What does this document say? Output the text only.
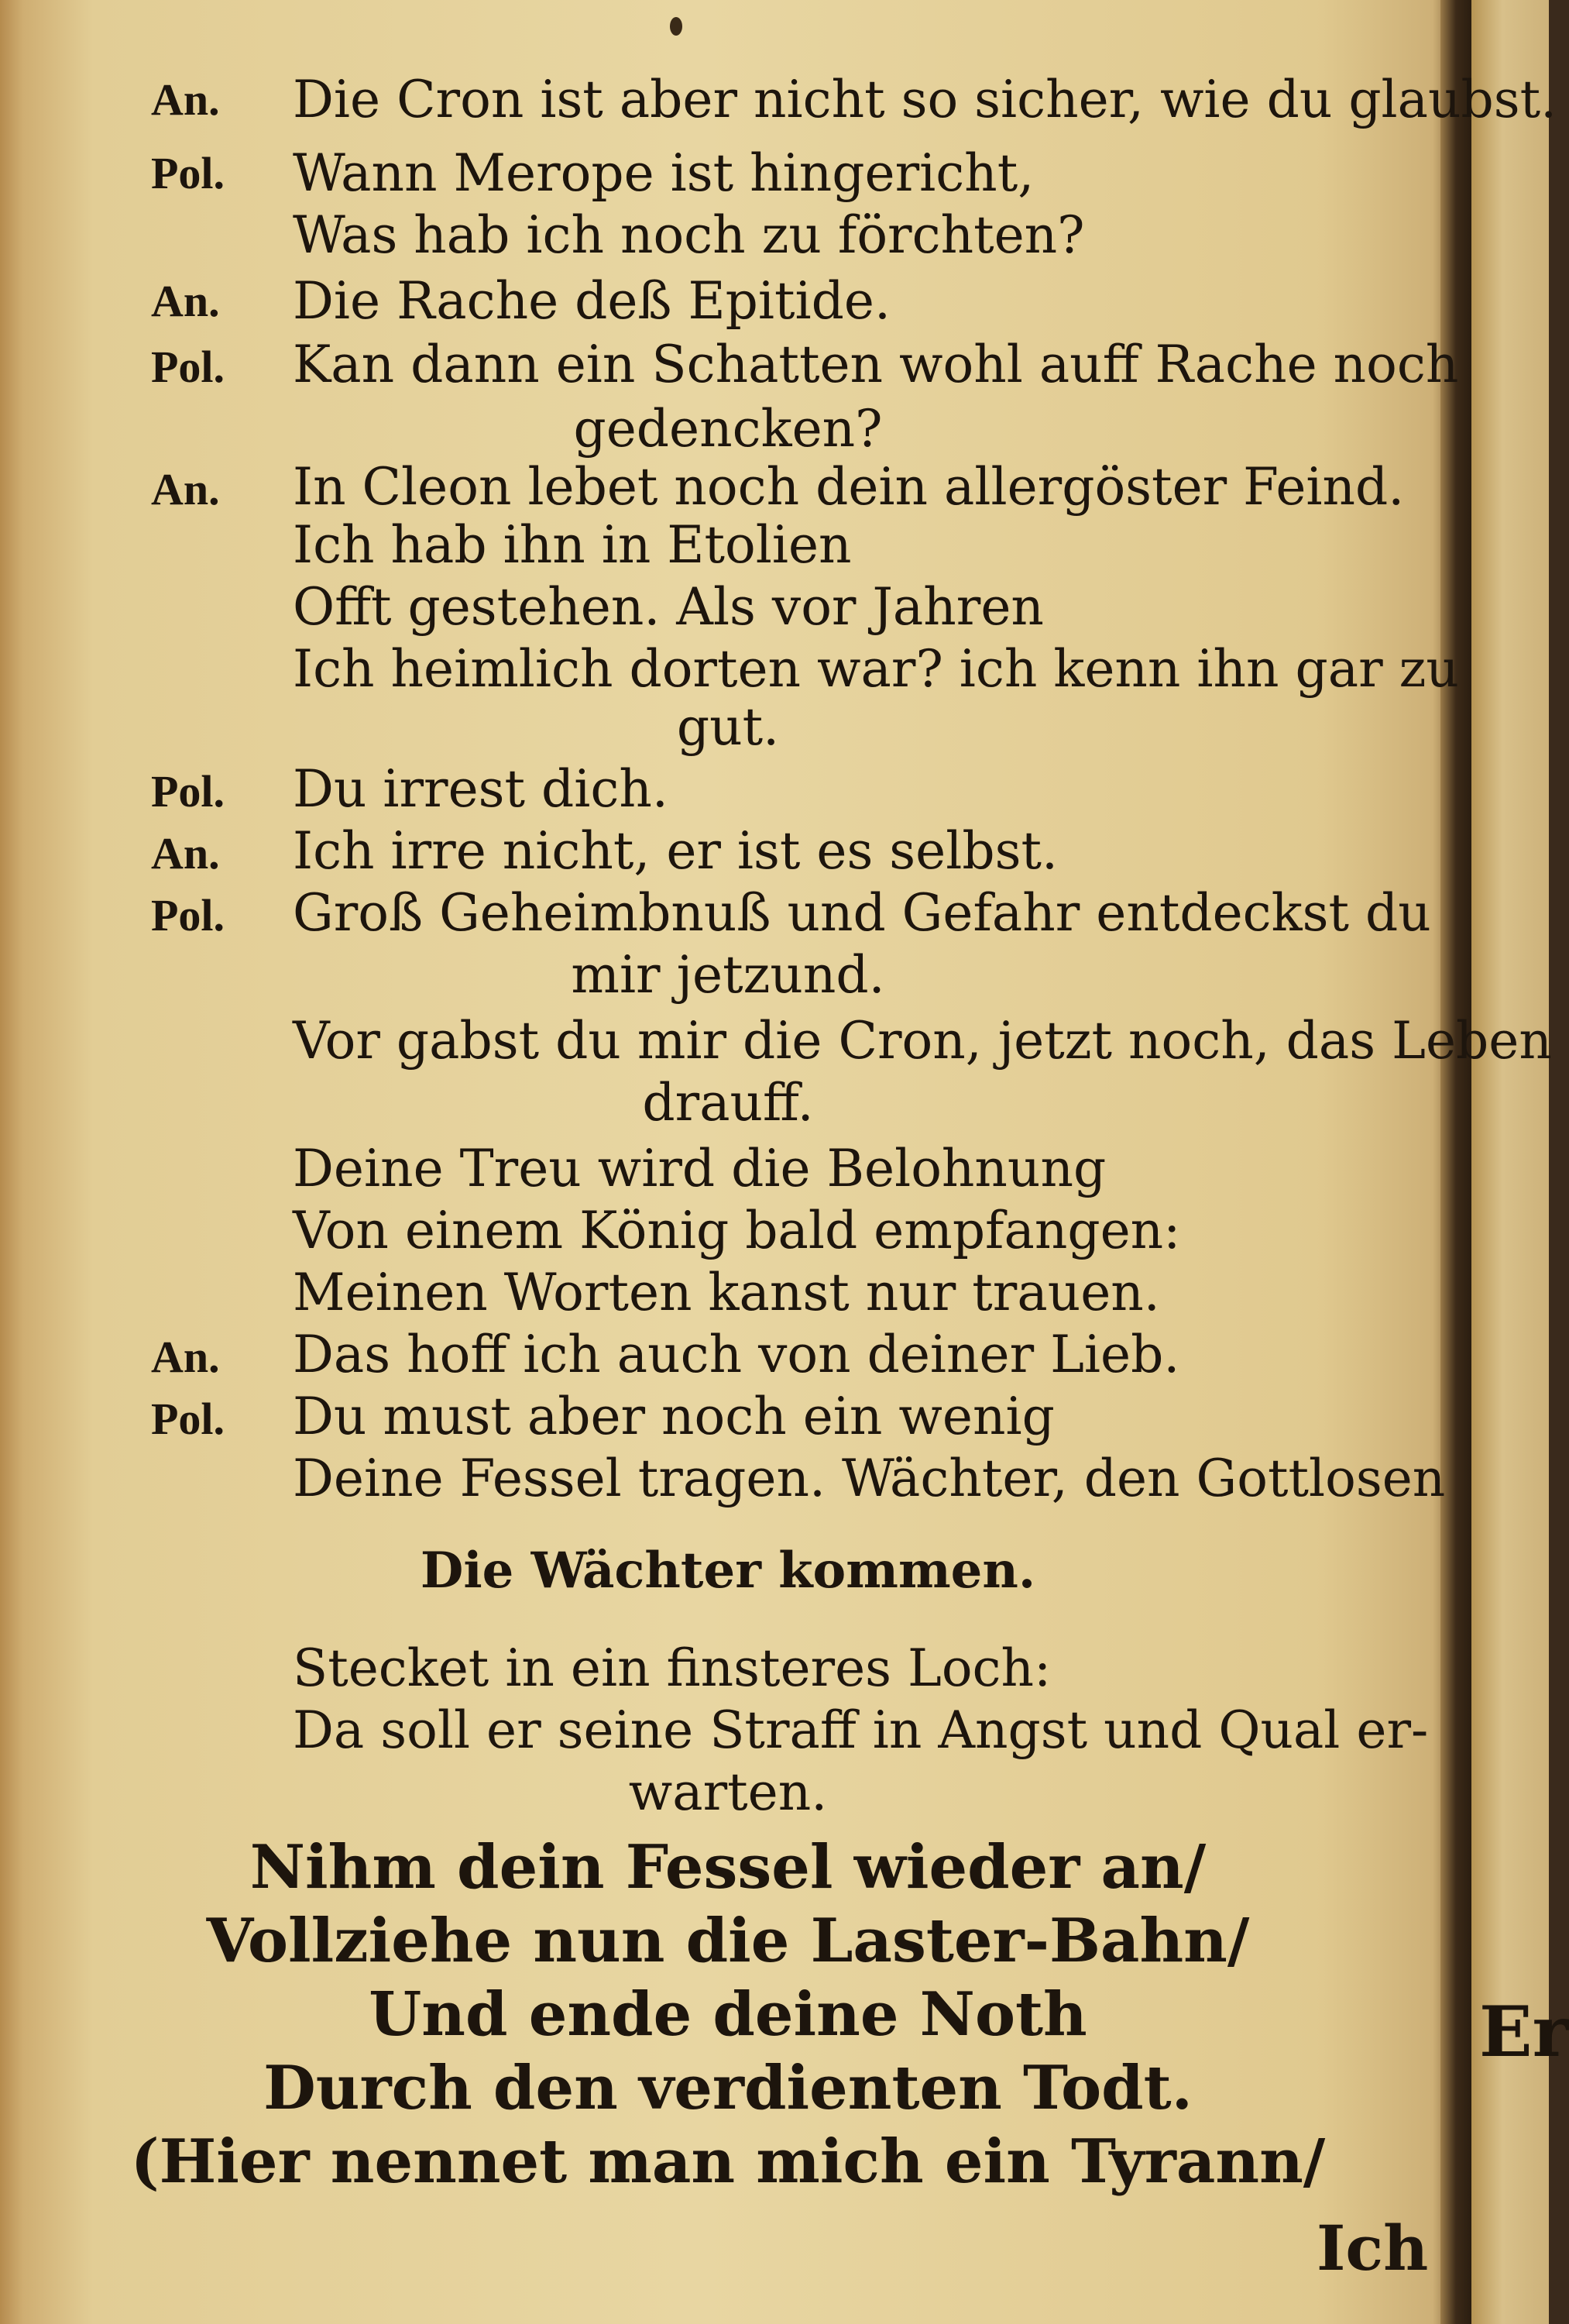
An. Die Cron ist aber nicht so sicher, wie du glaubst.
Pol. Wann Merope ist hingericht,
Was hab ich noch zu förchten?
An. Die Rache deß Epitide.
Pol. Kan dann ein Schatten wohl auff Rache noch
gedencken?
An. In Cleon lebet noch dein allergöster Feind.
Ich hab ihn in Etolien
Offt gestehen. Als vor Jahren
Ich heimlich dorten war? ich kenn ihn gar zu
gut.
Pol. Du irrest dich.
An. Ich irre nicht, er ist es selbst.
Pol. Groß Geheimbnuß und Gefahr entdeckst du
mir jetzund.
Vor gabst du mir die Cron, jetzt noch, das Leben
drauff.
Deine Treu wird die Belohnung
Von einem König bald empfangen:
Meinen Worten kanst nur trauen.
An. Das hoff ich auch von deiner Lieb.
Pol. Du must aber noch ein wenig
Deine Fessel tragen. Wächter, den Gottlosen
Die Wächter kommen.
Stecket in ein finsteres Loch:
Da soll er seine Straff in Angst und Qual er-
warten.
Nihm dein Fessel wieder an/
Vollziehe nun die Laster-Bahn/
Und ende deine Noth
Durch den verdienten Todt.
(Hier nennet man mich ein Tyrann/
Ich
Er
